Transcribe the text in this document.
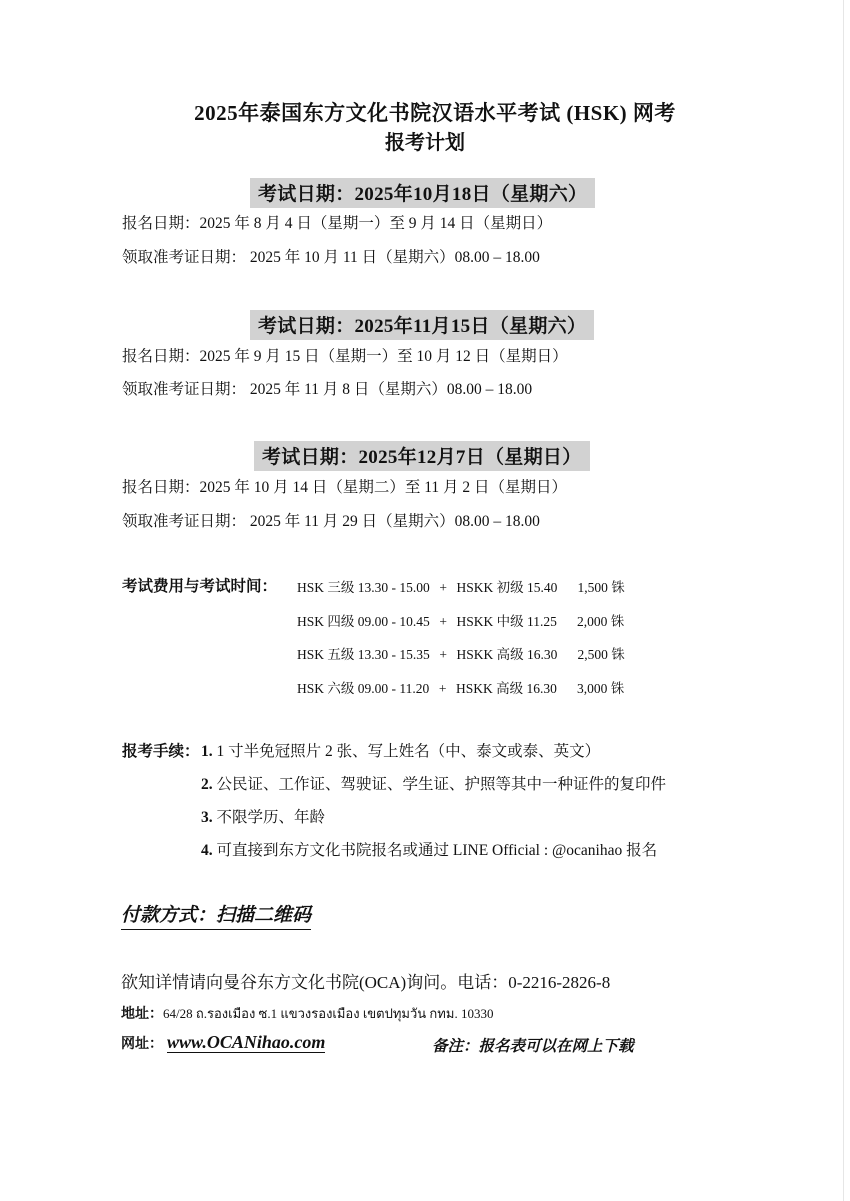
2025年泰国东方文化书院汉语水平考试 (HSK) 网考
报考计划
考试日期：2025年10月18日（星期六）
报名日期：2025 年 8 月 4 日（星期一）至 9 月 14 日（星期日）
领取准考证日期： 2025 年 10 月 11 日（星期六）08.00 – 18.00
考试日期：2025年11月15日（星期六）
报名日期：2025 年 9 月 15 日（星期一）至 10 月 12 日（星期日）
领取准考证日期： 2025 年 11 月 8 日（星期六）08.00 – 18.00
考试日期：2025年12月7日（星期日）
报名日期：2025 年 10 月 14 日（星期二）至 11 月 2 日（星期日）
领取准考证日期： 2025 年 11 月 29 日（星期六）08.00 – 18.00
考试费用与考试时间： HSK 三级 13.30 - 15.00 + HSKK 初级 15.40 1,500 铢
HSK 四级 09.00 - 10.45 + HSKK 中级 11.25 2,000 铢
HSK 五级 13.30 - 15.35 + HSKK 高级 16.30 2,500 铢
HSK 六级 09.00 - 11.20 + HSKK 高级 16.30 3,000 铢
报考手续： 1. 1 寸半免冠照片 2 张、写上姓名（中、泰文或泰、英文）
2. 公民证、工作证、驾驶证、学生证、护照等其中一种证件的复印件
3. 不限学历、年龄
4. 可直接到东方文化书院报名或通过 LINE Official : @ocanihao 报名
付款方式：扫描二维码
欲知详情请向曼谷东方文化书院(OCA)询问。电话：0-2216-2826-8
地址：64/28 ถ.รองเมือง ซ.1 แขวงรองเมือง เขตปทุมวัน กทม. 10330
网址： www.OCANihao.com	备注：报名表可以在网上下载
